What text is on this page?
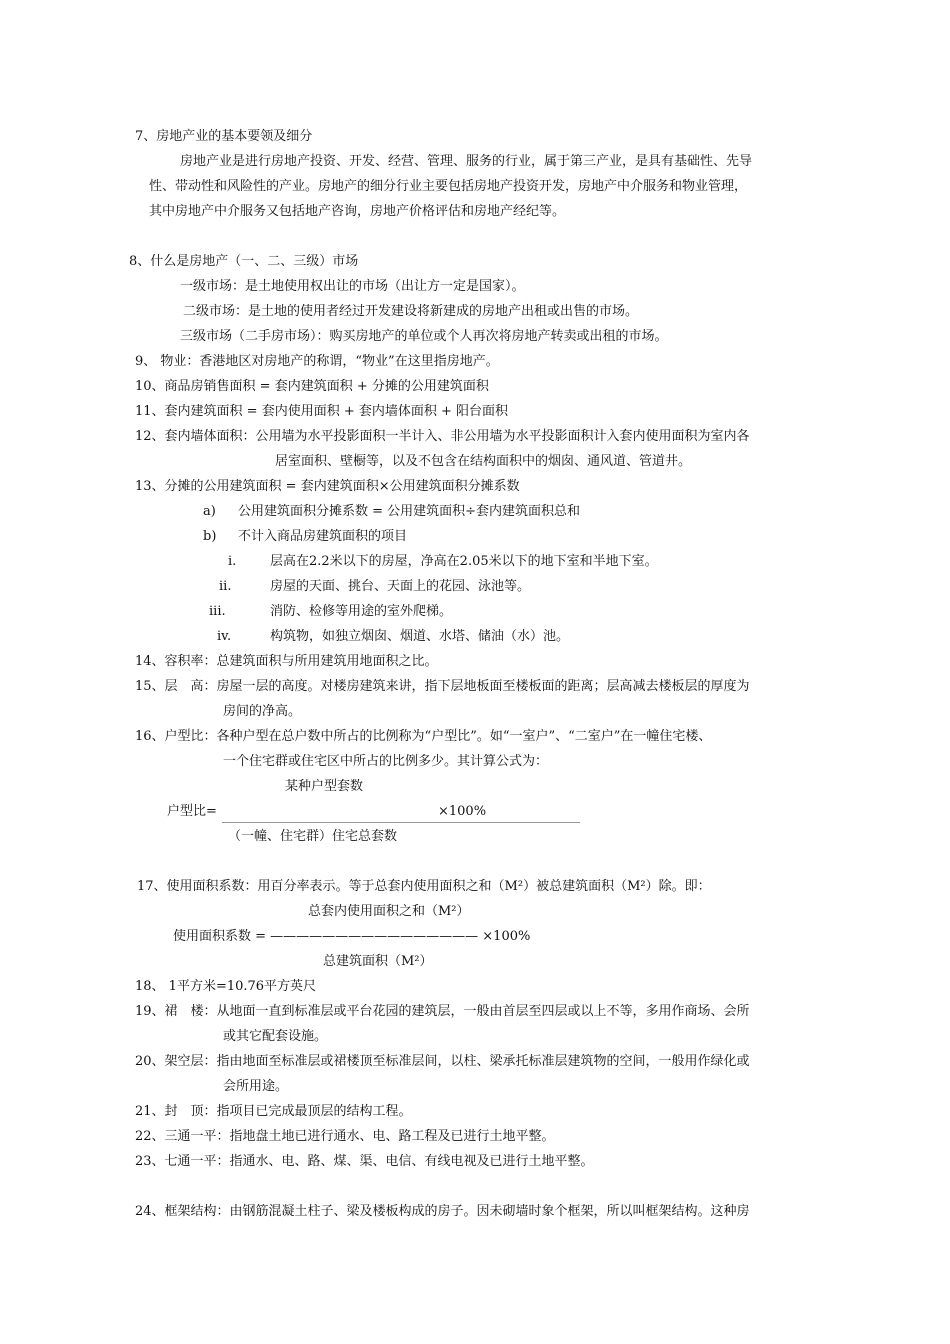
7、房地产业的基本要领及细分
房地产业是进行房地产投资、开发、经营、管理、服务的行业，属于第三产业，是具有基础性、先导
性、带动性和风险性的产业。房地产的细分行业主要包括房地产投资开发，房地产中介服务和物业管理，
其中房地产中介服务又包括地产咨询，房地产价格评估和房地产经纪等。
8、什么是房地产（一、二、三级）市场
一级市场：是土地使用权出让的市场（出让方一定是国家）。
二级市场：是土地的使用者经过开发建设将新建成的房地产出租或出售的市场。
三级市场（二手房市场）：购买房地产的单位或个人再次将房地产转卖或出租的市场。
9、 物业：香港地区对房地产的称谓，“物业”在这里指房地产。
10、商品房销售面积 = 套内建筑面积 + 分摊的公用建筑面积
11、套内建筑面积 = 套内使用面积 + 套内墙体面积 + 阳台面积
12、套内墙体面积：公用墙为水平投影面积一半计入、非公用墙为水平投影面积计入套内使用面积为室内各
居室面积、壁橱等，以及不包含在结构面积中的烟囱、通风道、管道井。
13、分摊的公用建筑面积 = 套内建筑面积×公用建筑面积分摊系数
a) 公用建筑面积分摊系数 = 公用建筑面积÷套内建筑面积总和
b) 不计入商品房建筑面积的项目
i.	层高在2.2米以下的房屋，净高在2.05米以下的地下室和半地下室。
ii.	房屋的天面、挑台、天面上的花园、泳池等。
iii.	消防、检修等用途的室外爬梯。
iv.	构筑物，如独立烟囱、烟道、水塔、储油（水）池。
14、容积率：总建筑面积与所用建筑用地面积之比。
15、层　高：房屋一层的高度。对楼房建筑来讲，指下层地板面至楼板面的距离；层高减去楼板层的厚度为
房间的净高。
16、户型比：各种户型在总户数中所占的比例称为“户型比”。如“一室户”、“二室户”在一幢住宅楼、
一个住宅群或住宅区中所占的比例多少。其计算公式为：
某种户型套数
户型比=	×100%
（一幢、住宅群）住宅总套数
17、使用面积系数：用百分率表示。等于总套内使用面积之和（M²）被总建筑面积（M²）除。即：
总套内使用面积之和（M²）
使用面积系数 = ———————————————— ×100%
总建筑面积（M²）
18、 1平方米=10.76平方英尺
19、裙　楼：从地面一直到标准层或平台花园的建筑层，一般由首层至四层或以上不等，多用作商场、会所
或其它配套设施。
20、架空层：指由地面至标准层或裙楼顶至标准层间，以柱、梁承托标准层建筑物的空间，一般用作绿化或
会所用途。
21、封　顶：指项目已完成最顶层的结构工程。
22、三通一平：指地盘土地已进行通水、电、路工程及已进行土地平整。
23、七通一平：指通水、电、路、煤、渠、电信、有线电视及已进行土地平整。
24、框架结构：由钢筋混凝土柱子、梁及楼板构成的房子。因未砌墙时象个框架，所以叫框架结构。这种房
